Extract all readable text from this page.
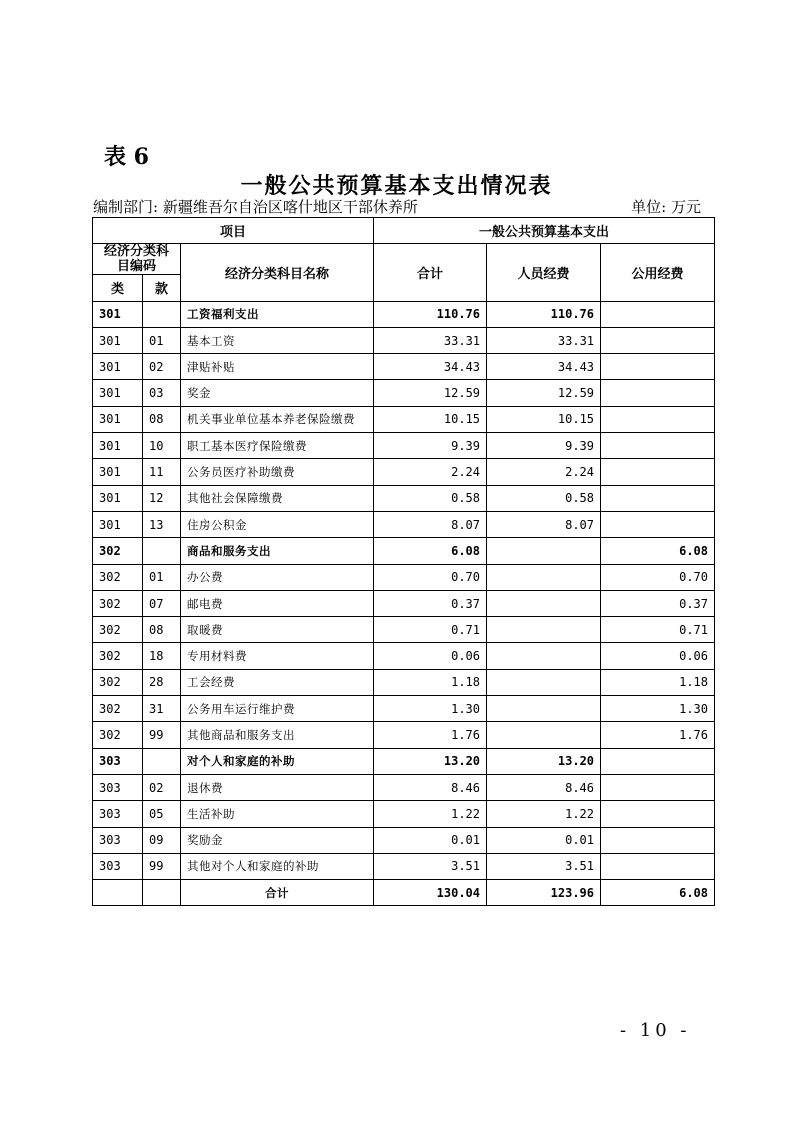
表 6
一般公共预算基本支出情况表
编制部门: 新疆维吾尔自治区喀什地区干部休养所	单位: 万元
项目			一般公共预算基本支出		
经济分类科目编码		经济分类科目名称	合计	人员经费	公用经费
类	款				
301		工资福利支出	110.76	110.76	
301	01	基本工资	33.31	33.31	
301	02	津贴补贴	34.43	34.43	
301	03	奖金	12.59	12.59	
301	08	机关事业单位基本养老保险缴费	10.15	10.15	
301	10	职工基本医疗保险缴费	9.39	9.39	
301	11	公务员医疗补助缴费	2.24	2.24	
301	12	其他社会保障缴费	0.58	0.58	
301	13	住房公积金	8.07	8.07	
302		商品和服务支出	6.08		6.08
302	01	办公费	0.70		0.70
302	07	邮电费	0.37		0.37
302	08	取暖费	0.71		0.71
302	18	专用材料费	0.06		0.06
302	28	工会经费	1.18		1.18
302	31	公务用车运行维护费	1.30		1.30
302	99	其他商品和服务支出	1.76		1.76
303		对个人和家庭的补助	13.20	13.20	
303	02	退休费	8.46	8.46	
303	05	生活补助	1.22	1.22	
303	09	奖励金	0.01	0.01	
303	99	其他对个人和家庭的补助	3.51	3.51	
		合计	130.04	123.96	6.08
- 10 -
